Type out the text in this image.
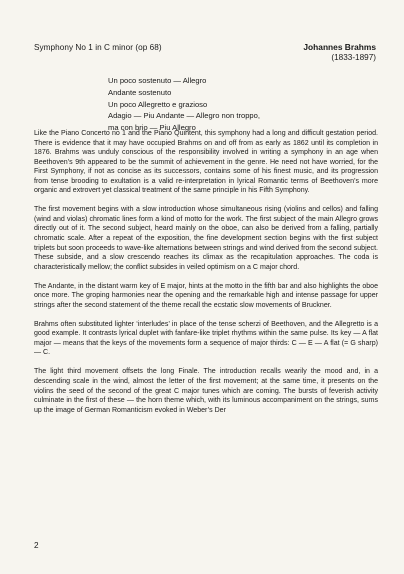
Symphony No 1 in C minor (op 68)	Johannes Brahms
(1833-1897)
Un poco sostenuto — Allegro
Andante sostenuto
Un poco Allegretto e grazioso
Adagio — Piu Andante — Allegro non troppo,
ma con brio — Piu Allegro

Like the Piano Concerto no 1 and the Piano Quintent, this symphony had a long and difficult gestation period. There is evidence that it may have occupied Brahms on and off from as early as 1862 until its completion in 1876. Brahms was unduly conscious of the responsibility involved in writing a symphony in an age when Beethoven’s 9th appeared to be the summit of achievement in the genre. He need not have worried, for the First Symphony, if not as concise as its successors, contains some of his finest music, and its progression from tense brooding to exultation is a valid re-interpretation in lyrical Romantic terms of Beethoven’s more organic and extrovert yet classical treatment of the same principle in his Fifth Symphony.

The first movement begins with a slow introduction whose simultaneous rising (violins and cellos) and falling (wind and violas) chromatic lines form a kind of motto for the work. The first subject of the main Allegro grows directly out of it. The second subject, heard mainly on the oboe, can also be derived from a falling, partially chromatic scale. After a repeat of the exposition, the fine development section begins with the first subject triplets but soon proceeds to wave-like alternations between strings and wind derived from the second subject. These subside, and a slow crescendo reaches its climax as the recapitulation approaches. The coda is characteristically mellow; the conflict subsides in veiled optimism on a C major chord.

The Andante, in the distant warm key of E major, hints at the motto in the fifth bar and also highlights the oboe once more. The groping harmonies near the opening and the remarkable high and intense passage for upper strings after the second statement of the theme recall the ecstatic slow movements of Bruckner.

Brahms often substituted lighter ‘interludes’ in place of the tense scherzi of Beethoven, and the Allegretto is a good example. It contrasts lyrical duplet with fanfare-like triplet rhythms within the same pulse. Its key — A flat major — means that the keys of the movements form a sequence of major thirds: C — E — A flat (= G sharp) — C.

The light third movement offsets the long Finale. The introduction recalls wearily the mood and, in a descending scale in the wind, almost the letter of the first movement; at the same time, it presents on the violins the seed of the second of the great C major tunes which are coming. The bursts of feverish activity culminate in the first of these — the horn theme which, with its luminous accompaniment on the strings, sums up the image of German Romanticism evoked in Weber’s Der

2
